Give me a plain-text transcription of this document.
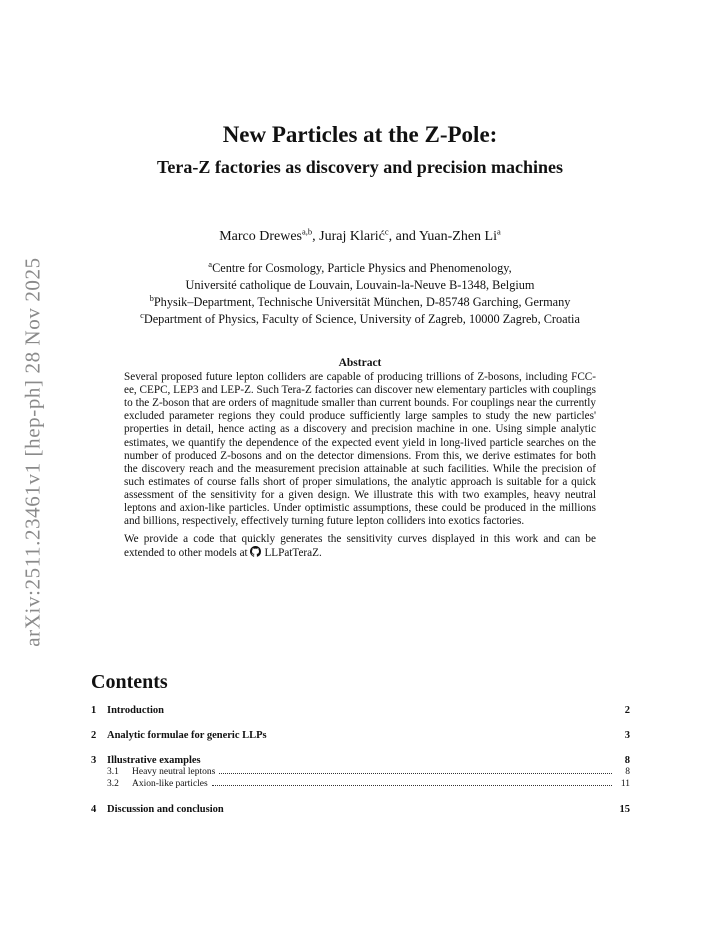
arXiv:2511.23461v1 [hep-ph] 28 Nov 2025
New Particles at the Z-Pole:
Tera-Z factories as discovery and precision machines
Marco Drewes$^{a,b}$, Juraj Klarić$^c$, and Yuan-Zhen Li$^a$
$^a$Centre for Cosmology, Particle Physics and Phenomenology,
Université catholique de Louvain, Louvain-la-Neuve B-1348, Belgium
$^b$Physik–Department, Technische Universität München, D-85748 Garching, Germany
$^c$Department of Physics, Faculty of Science, University of Zagreb, 10000 Zagreb, Croatia
Abstract

Several proposed future lepton colliders are capable of producing trillions of Z-bosons, including FCC-ee, CEPC, LEP3 and LEP-Z. Such Tera-Z factories can discover new elementary particles with couplings to the Z-boson that are orders of magnitude smaller than current bounds. For couplings near the currently excluded parameter regions they could produce sufficiently large samples to study the new particles' properties in detail, hence acting as a discovery and precision machine in one. Using simple analytic estimates, we quantify the dependence of the expected event yield in long-lived particle searches on the number of produced Z-bosons and on the detector dimensions. From this, we derive estimates for both the discovery reach and the measurement precision attainable at such facilities. While the precision of such estimates of course falls short of proper simulations, the analytic approach is suitable for a quick assessment of the sensitivity for a given design. We illustrate this with two examples, heavy neutral leptons and axion-like particles. Under optimistic assumptions, these could be produced in the millions and billions, respectively, effectively turning future lepton colliders into exotics factories.

We provide a code that quickly generates the sensitivity curves displayed in this work and can be extended to other models at LLPatTeraZ.

Contents
1	Introduction	2
2	Analytic formulae for generic LLPs	3
3	Illustrative examples	8
3.1	Heavy neutral leptons	8
3.2	Axion-like particles	11
4	Discussion and conclusion	15
